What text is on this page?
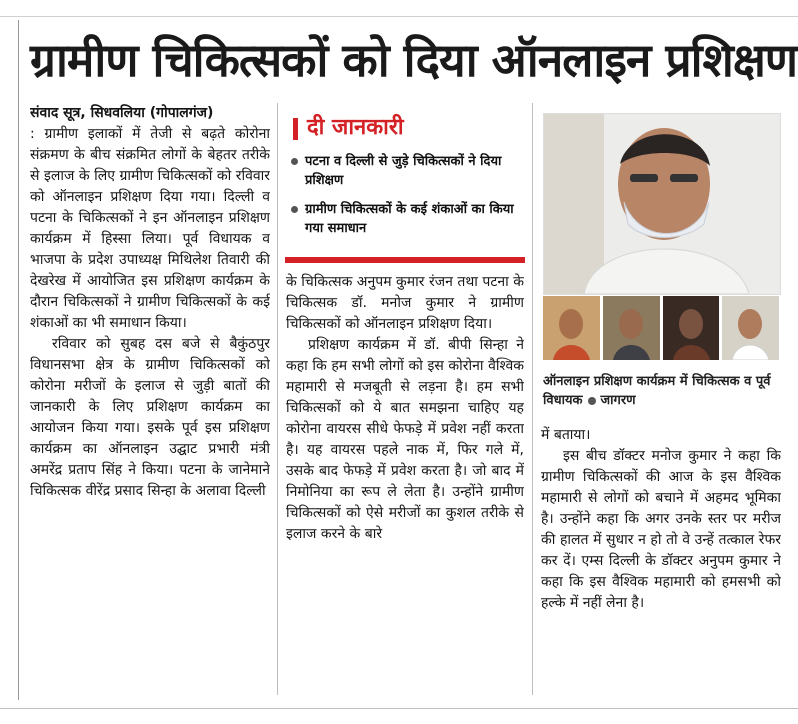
ग्रामीण चिकित्सकों को दिया ऑनलाइन प्रशिक्षण

संवाद सूत्र, सिधवलिया (गोपालगंज)
: ग्रामीण इलाकों में तेजी से बढ़ते कोरोना संक्रमण के बीच संक्रमित लोगों के बेहतर तरीके से इलाज के लिए ग्रामीण चिकित्सकों को रविवार को ऑनलाइन प्रशिक्षण दिया गया। दिल्ली व पटना के चिकित्सकों ने इन ऑनलाइन प्रशिक्षण कार्यक्रम में हिस्सा लिया। पूर्व विधायक व भाजपा के प्रदेश उपाध्यक्ष मिथिलेश तिवारी की देखरेख में आयोजित इस प्रशिक्षण कार्यक्रम के दौरान चिकित्सकों ने ग्रामीण चिकित्सकों के कई शंकाओं का भी समाधान किया।

रविवार को सुबह दस बजे से बैकुंठपुर विधानसभा क्षेत्र के ग्रामीण चिकित्सकों को कोरोना मरीजों के इलाज से जुड़ी बातों की जानकारी के लिए प्रशिक्षण कार्यक्रम का आयोजन किया गया। इसके पूर्व इस प्रशिक्षण कार्यक्रम का ऑनलाइन उद्घाट प्रभारी मंत्री अमरेंद्र प्रताप सिंह ने किया। पटना के जानेमाने चिकित्सक वीरेंद्र प्रसाद सिन्हा के अलावा दिल्ली

दी जानकारी
पटना व दिल्ली से जुड़े चिकित्सकों ने दिया प्रशिक्षण
ग्रामीण चिकित्सकों के कई शंकाओं का किया गया समाधान

के चिकित्सक अनुपम कुमार रंजन तथा पटना के चिकित्सक डॉ. मनोज कुमार ने ग्रामीण चिकित्सकों को ऑनलाइन प्रशिक्षण दिया।

प्रशिक्षण कार्यक्रम में डॉ. बीपी सिन्हा ने कहा कि हम सभी लोगों को इस कोरोना वैश्विक महामारी से मजबूती से लड़ना है। हम सभी चिकित्सकों को ये बात समझना चाहिए यह कोरोना वायरस सीधे फेफड़े में प्रवेश नहीं करता है। यह वायरस पहले नाक में, फिर गले में, उसके बाद फेफड़े में प्रवेश करता है। जो बाद में निमोनिया का रूप ले लेता है। उन्होंने ग्रामीण चिकित्सकों को ऐसे मरीजों का कुशल तरीके से इलाज करने के बारे

ऑनलाइन प्रशिक्षण कार्यक्रम में चिकित्सक व पूर्व विधायक जागरण

में बताया।

इस बीच डॉक्टर मनोज कुमार ने कहा कि ग्रामीण चिकित्सकों की आज के इस वैश्विक महामारी से लोगों को बचाने में अहमद भूमिका है। उन्होंने कहा कि अगर उनके स्तर पर मरीज की हालत में सुधार न हो तो वे उन्हें तत्काल रेफर कर दें। एम्स दिल्ली के डॉक्टर अनुपम कुमार ने कहा कि इस वैश्विक महामारी को हमसभी को हल्के में नहीं लेना है।
